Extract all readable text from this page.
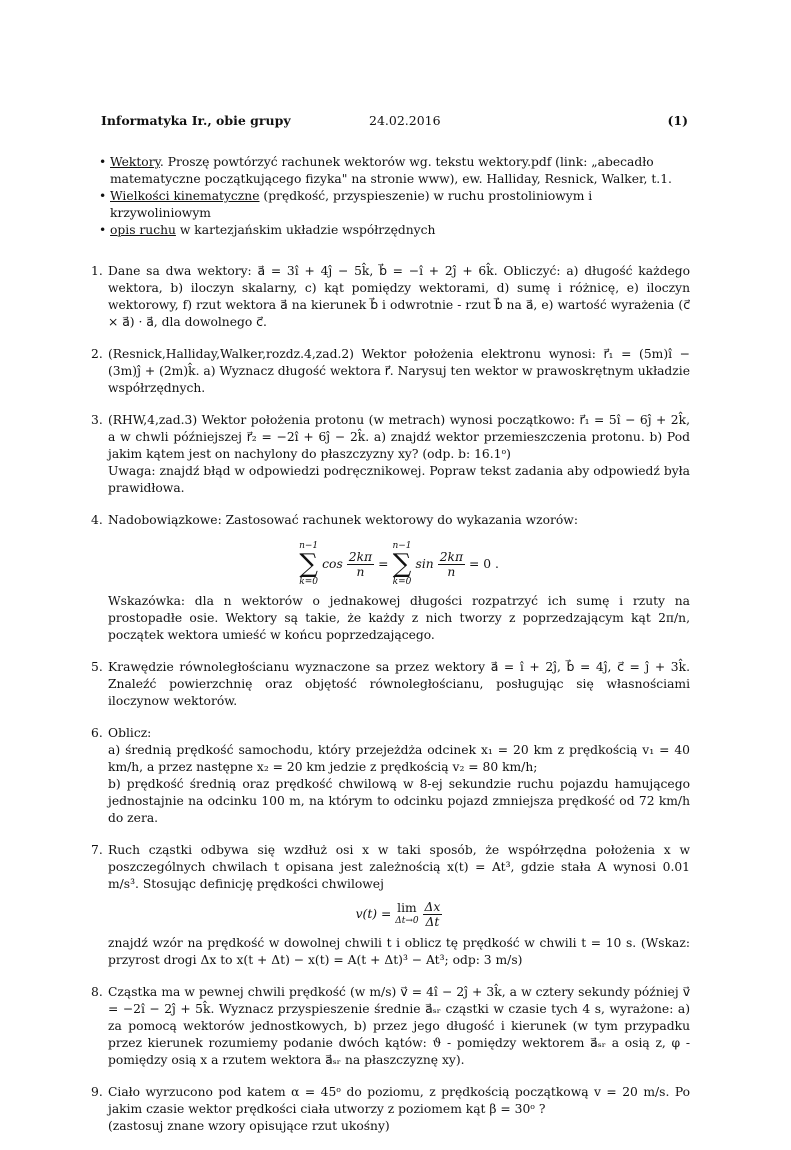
Informatyka Ir., obie grupy	24.02.2016	(1)
• Wektory. Proszę powtórzyć rachunek wektorów wg. tekstu wektory.pdf (link: „abecadło matematyczne początkującego fizyka" na stronie www), ew. Halliday, Resnick, Walker, t.1.
• Wielkości kinematyczne (prędkość, przyspieszenie) w ruchu prostoliniowym i krzywoliniowym
• opis ruchu w kartezjańskim układzie współrzędnych
1. Dane sa dwa wektory: a⃗ = 3î + 4ĵ − 5k̂, b⃗ = −î + 2ĵ + 6k̂. Obliczyć: a) długość każdego wektora, b) iloczyn skalarny, c) kąt pomiędzy wektorami, d) sumę i różnicę, e) iloczyn wektorowy, f) rzut wektora a⃗ na kierunek b⃗ i odwrotnie - rzut b⃗ na a⃗, e) wartość wyrażenia (c⃗ × a⃗) · a⃗, dla dowolnego c⃗.
2. (Resnick,Halliday,Walker,rozdz.4,zad.2) Wektor położenia elektronu wynosi: r⃗₁ = (5m)î − (3m)ĵ + (2m)k̂. a) Wyznacz długość wektora r⃗. Narysuj ten wektor w prawoskrętnym układzie współrzędnych.
3. (RHW,4,zad.3) Wektor położenia protonu (w metrach) wynosi początkowo: r⃗₁ = 5î − 6ĵ + 2k̂, a w chwli późniejszej r⃗₂ = −2î + 6ĵ − 2k̂. a) znajdź wektor przemieszczenia protonu. b) Pod jakim kątem jest on nachylony do płaszczyzny xy? (odp. b: 16.1ᵒ)
Uwaga: znajdź błąd w odpowiedzi podręcznikowej. Popraw tekst zadania aby odpowiedź była prawidłowa.
4. Nadobowiązkowe: Zastosować rachunek wektorowy do wykazania wzorów:
n−1
∑
k=0
$\cos \frac{2k\pi}{n}$ =
n−1
∑
k=0
$\sin \frac{2k\pi}{n} = 0$ .
Wskazówka: dla n wektorów o jednakowej długości rozpatrzyć ich sumę i rzuty na prostopadłe osie. Wektory są takie, że każdy z nich tworzy z poprzedzającym kąt 2π/n, początek wektora umieść w końcu poprzedzającego.
5. Krawędzie równoległościanu wyznaczone sa przez wektory a⃗ = î + 2ĵ, b⃗ = 4ĵ, c⃗ = ĵ + 3k̂. Znaleźć powierzchnię oraz objętość równoległościanu, posługując się własnościami iloczynow wektorów.
6. Oblicz:
a) średnią prędkość samochodu, który przejeżdża odcinek x₁ = 20 km z prędkością v₁ = 40 km/h, a przez następne x₂ = 20 km jedzie z prędkością v₂ = 80 km/h;
b) prędkość średnią oraz prędkość chwilową w 8-ej sekundzie ruchu pojazdu hamującego jednostajnie na odcinku 100 m, na którym to odcinku pojazd zmniejsza prędkość od 72 km/h do zera.
7. Ruch cząstki odbywa się wzdłuż osi x w taki sposób, że współrzędna położenia x w poszczególnych chwilach t opisana jest zależnością x(t) = At³, gdzie stała A wynosi 0.01 m/s³. Stosując definicję prędkości chwilowej
v(t) = lim
Δt→0
$\frac{\Delta x}{\Delta t}$
znajdź wzór na prędkość w dowolnej chwili t i oblicz tę prędkość w chwili t = 10 s. (Wskaz: przyrost drogi Δx to x(t + Δt) − x(t) = A(t + Δt)³ − At³; odp: 3 m/s)
8. Cząstka ma w pewnej chwili prędkość (w m/s) v⃗ = 4î − 2ĵ + 3k̂, a w cztery sekundy później v⃗ = −2î − 2ĵ + 5k̂. Wyznacz przyspieszenie średnie a⃗ₛᵣ cząstki w czasie tych 4 s, wyrażone: a) za pomocą wektorów jednostkowych, b) przez jego długość i kierunek (w tym przypadku przez kierunek rozumiemy podanie dwóch kątów: ϑ - pomiędzy wektorem a⃗ₛᵣ a osią z, φ - pomiędzy osią x a rzutem wektora a⃗ₛᵣ na płaszczyznę xy).
9. Ciało wyrzucono pod katem α = 45ᵒ do poziomu, z prędkością początkową v = 20 m/s. Po jakim czasie wektor prędkości ciała utworzy z poziomem kąt β = 30ᵒ ?
(zastosuj znane wzory opisujące rzut ukośny)
